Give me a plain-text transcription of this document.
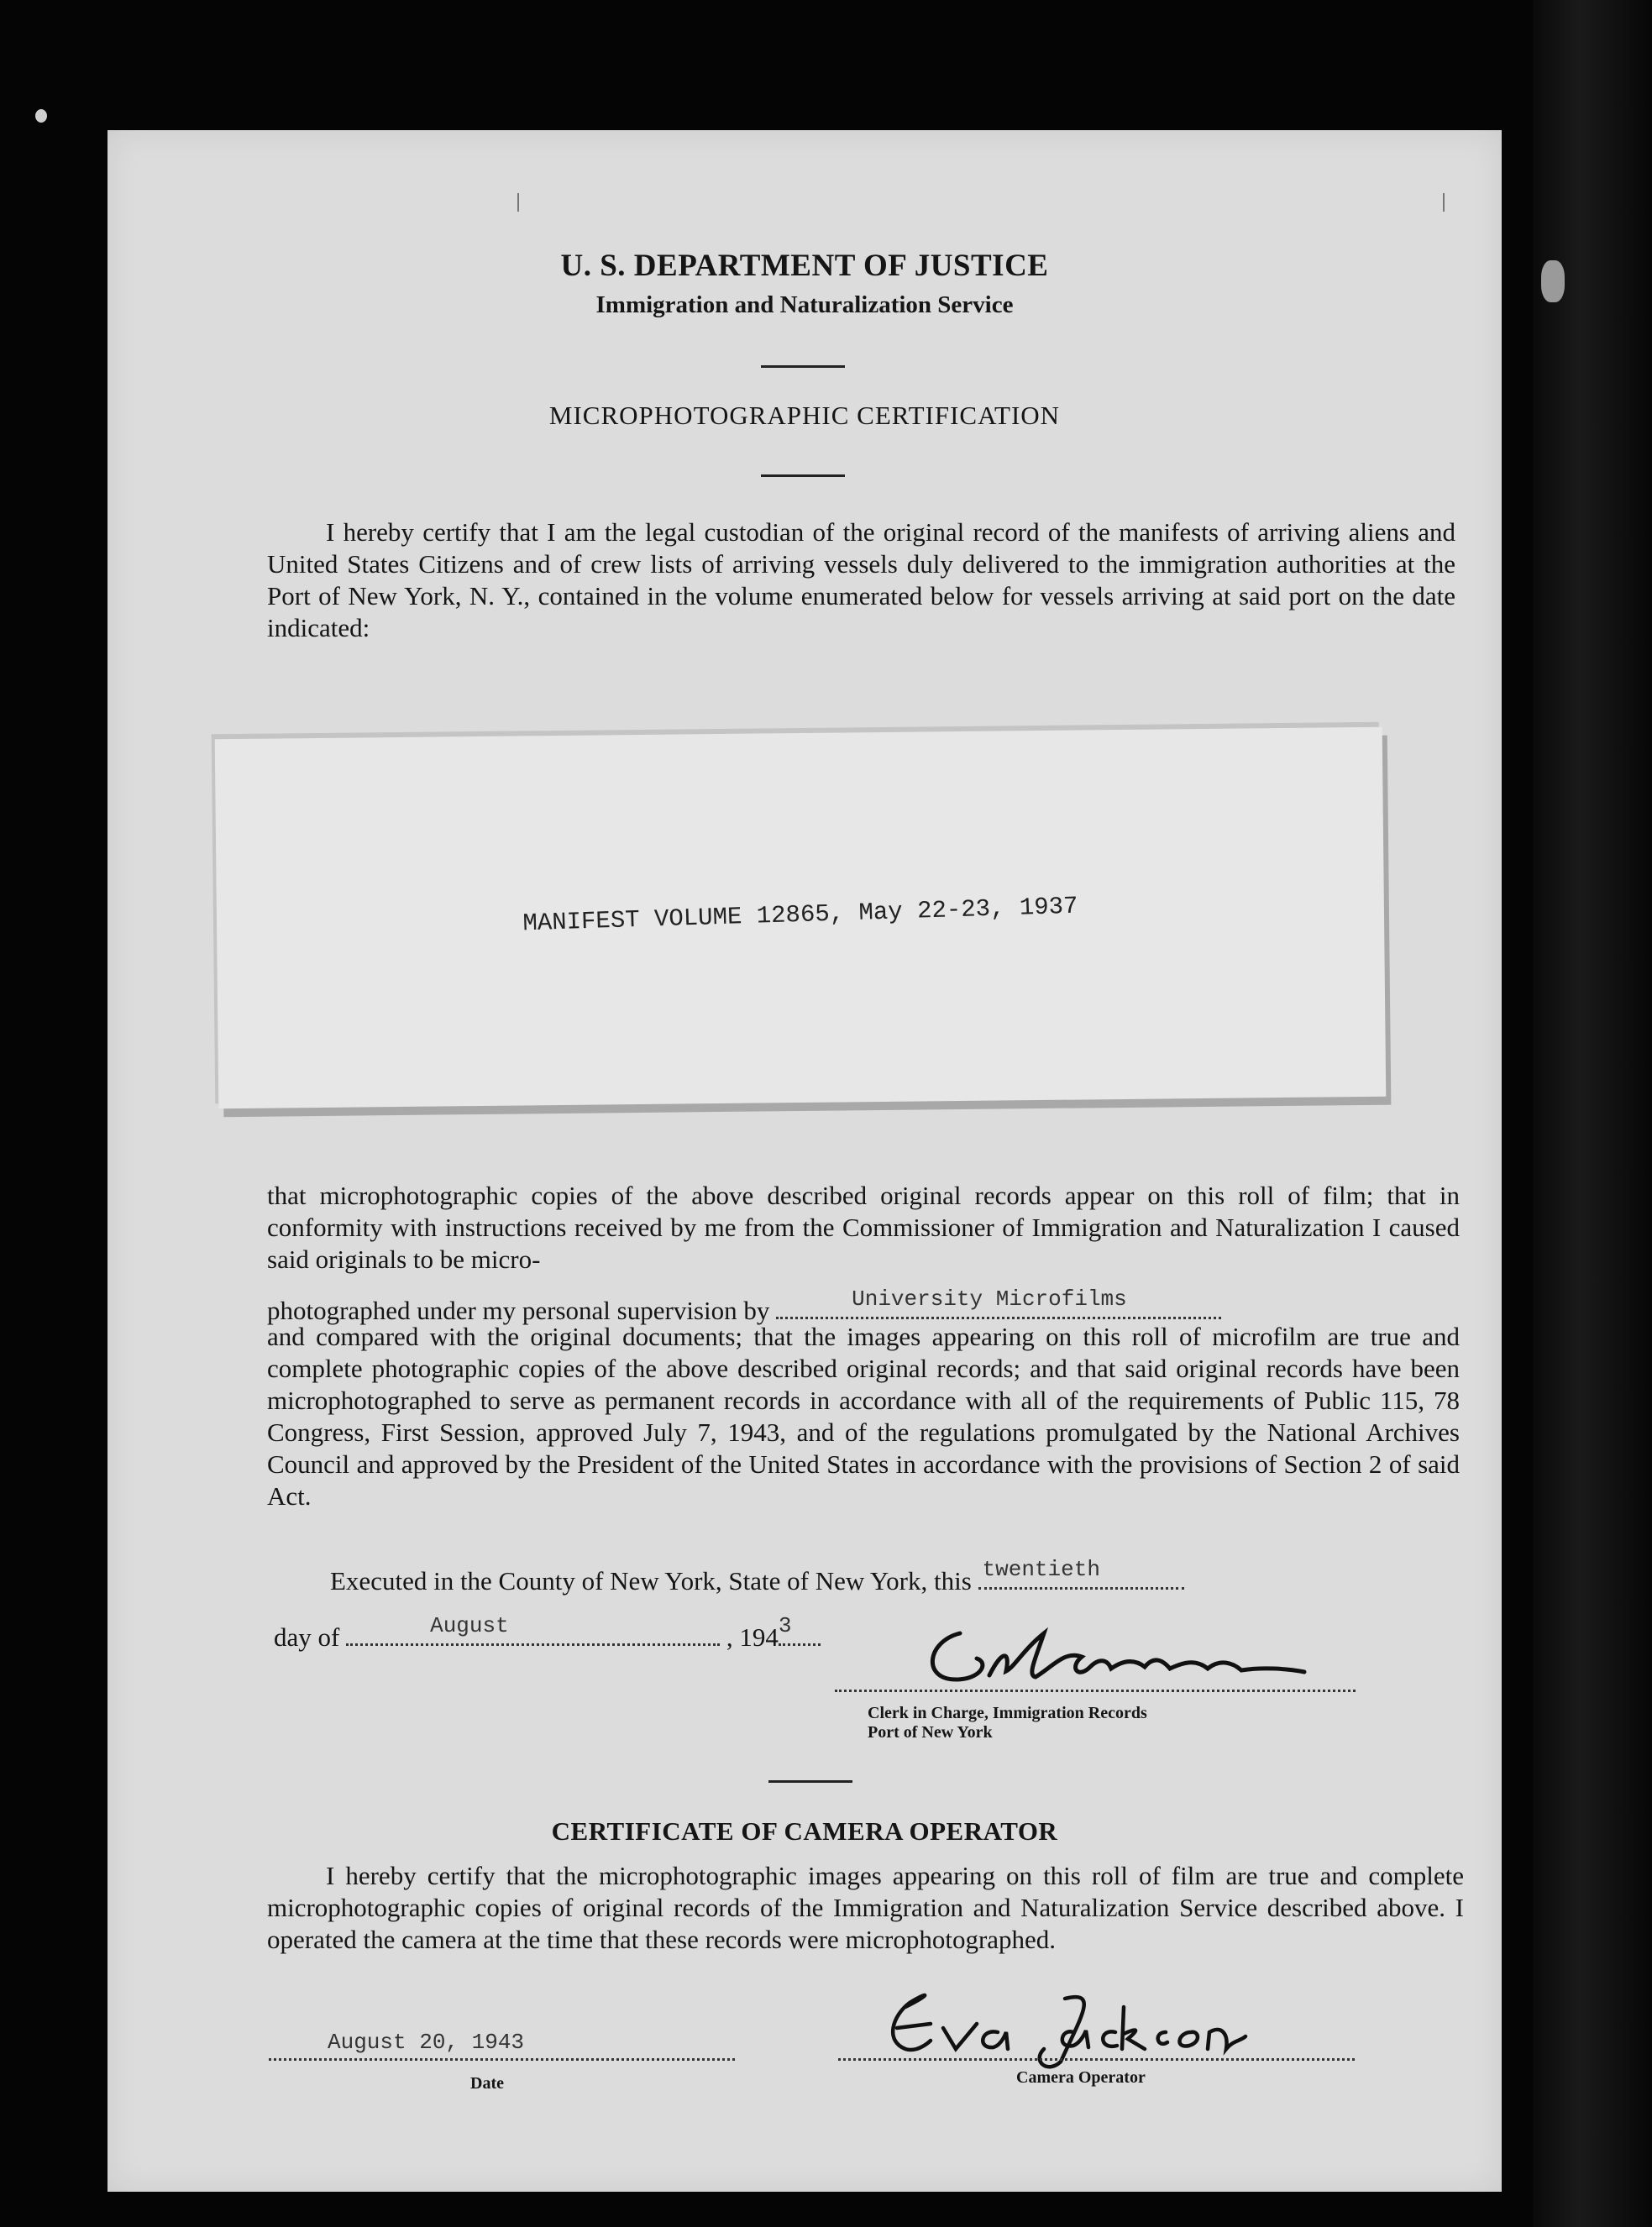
U. S. DEPARTMENT OF JUSTICE
Immigration and Naturalization Service
MICROPHOTOGRAPHIC CERTIFICATION

I hereby certify that I am the legal custodian of the original record of the manifests of arriving aliens and United States Citizens and of crew lists of arriving vessels duly delivered to the immigration authorities at the Port of New York, N. Y., contained in the volume enumerated below for vessels arriving at said port on the date indicated:

MANIFEST VOLUME 12865, May 22-23, 1937

that microphotographic copies of the above described original records appear on this roll of film; that in conformity with instructions received by me from the Commissioner of Immigration and Naturalization I caused said originals to be micro-

photographed under my personal supervision by	University Microfilms

and compared with the original documents; that the images appearing on this roll of microfilm are true and complete photographic copies of the above described original records; and that said original records have been microphotographed to serve as permanent records in accordance with all of the requirements of Public 115, 78 Congress, First Session, approved July 7, 1943, and of the regulations promulgated by the National Archives Council and approved by the President of the United States in accordance with the provisions of Section 2 of said Act.

Executed in the County of New York, State of New York, this twentieth
day of	August	, 194 3
Clerk in Charge, Immigration Records
Port of New York
CERTIFICATE OF CAMERA OPERATOR

I hereby certify that the microphotographic images appearing on this roll of film are true and complete microphotographic copies of original records of the Immigration and Naturalization Service described above. I operated the camera at the time that these records were microphotographed.

August 20, 1943
Date	Camera Operator
